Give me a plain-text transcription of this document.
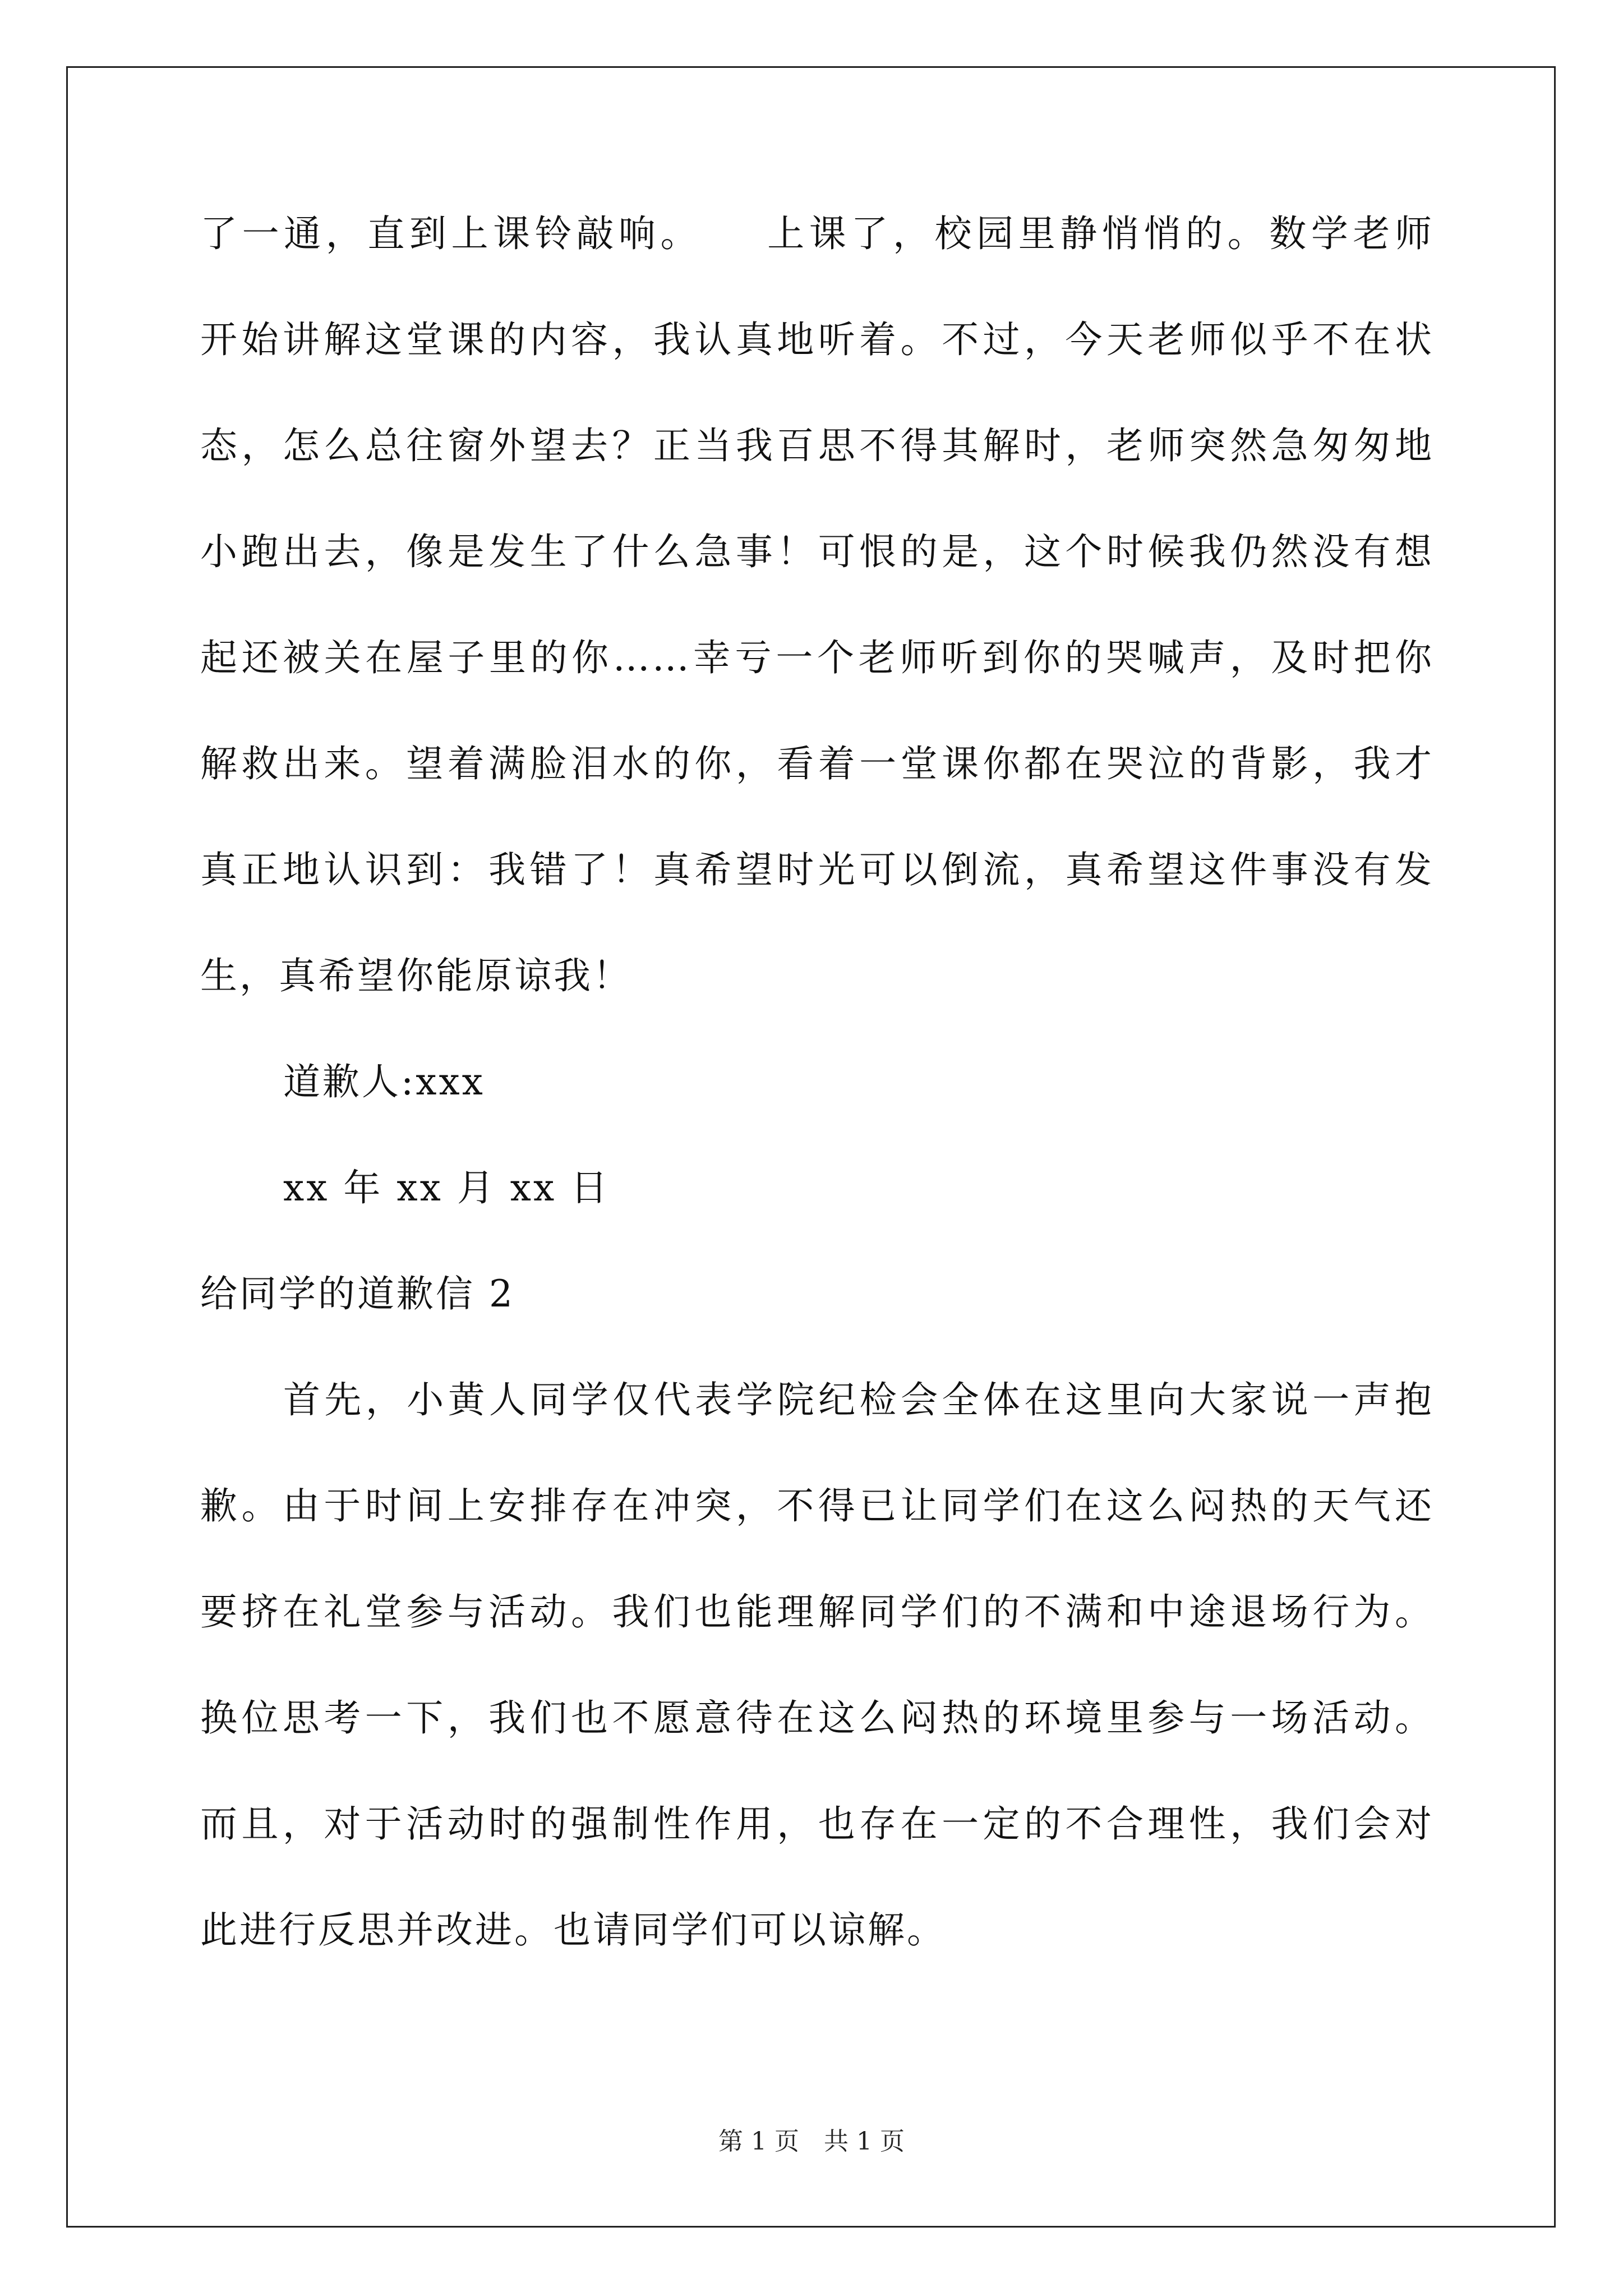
了一通，直到上课铃敲响。　　上课了，校园里静悄悄的。数学老师
开始讲解这堂课的内容，我认真地听着。不过，今天老师似乎不在状
态，怎么总往窗外望去？正当我百思不得其解时，老师突然急匆匆地
小跑出去，像是发生了什么急事！可恨的是，这个时候我仍然没有想
起还被关在屋子里的你……幸亏一个老师听到你的哭喊声，及时把你
解救出来。望着满脸泪水的你，看着一堂课你都在哭泣的背影，我才
真正地认识到：我错了！真希望时光可以倒流，真希望这件事没有发
生，真希望你能原谅我！
道歉人:xxx
xx 年 xx 月 xx 日
给同学的道歉信 2
首先，小黄人同学仅代表学院纪检会全体在这里向大家说一声抱
歉。由于时间上安排存在冲突，不得已让同学们在这么闷热的天气还
要挤在礼堂参与活动。我们也能理解同学们的不满和中途退场行为。
换位思考一下，我们也不愿意待在这么闷热的环境里参与一场活动。
而且，对于活动时的强制性作用，也存在一定的不合理性，我们会对
此进行反思并改进。也请同学们可以谅解。
第 1 页 共 1 页
